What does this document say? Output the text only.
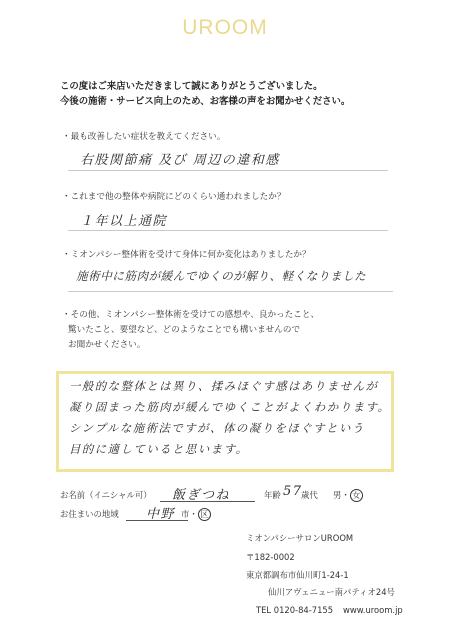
UROOM
この度はご来店いただきまして誠にありがとうございました。
今後の施術・サービス向上のため、お客様の声をお聞かせください。
・最も改善したい症状を教えてください。
右股関節痛 及び 周辺の違和感
・これまで他の整体や病院にどのくらい通われましたか？
１年以上通院
・ミオンパシー整体術を受けて身体に何か変化はありましたか？
施術中に筋肉が緩んでゆくのが解り、軽くなりました
・その他、ミオンパシー整体術を受けての感想や、良かったこと、
驚いたこと、要望など、どのようなことでも構いませんので
お聞かせください。
一般的な整体とは異り、揉みほぐす感はありませんが
凝り固まった筋肉が緩んでゆくことがよくわかります。
シンプルな施術法ですが、体の凝りをほぐすという
目的に適していると思います。
お名前（イニシャル可） 飯ぎつね	年齢 57
歳代 男・ 女
お住まいの地域 中野 市・ 区
ミオンパシーサロンUROOM
〒182-0002
東京都調布市仙川町1-24-1
仙川アヴェニュー南パティオ24号
TEL 0120-84-7155 www.uroom.jp
